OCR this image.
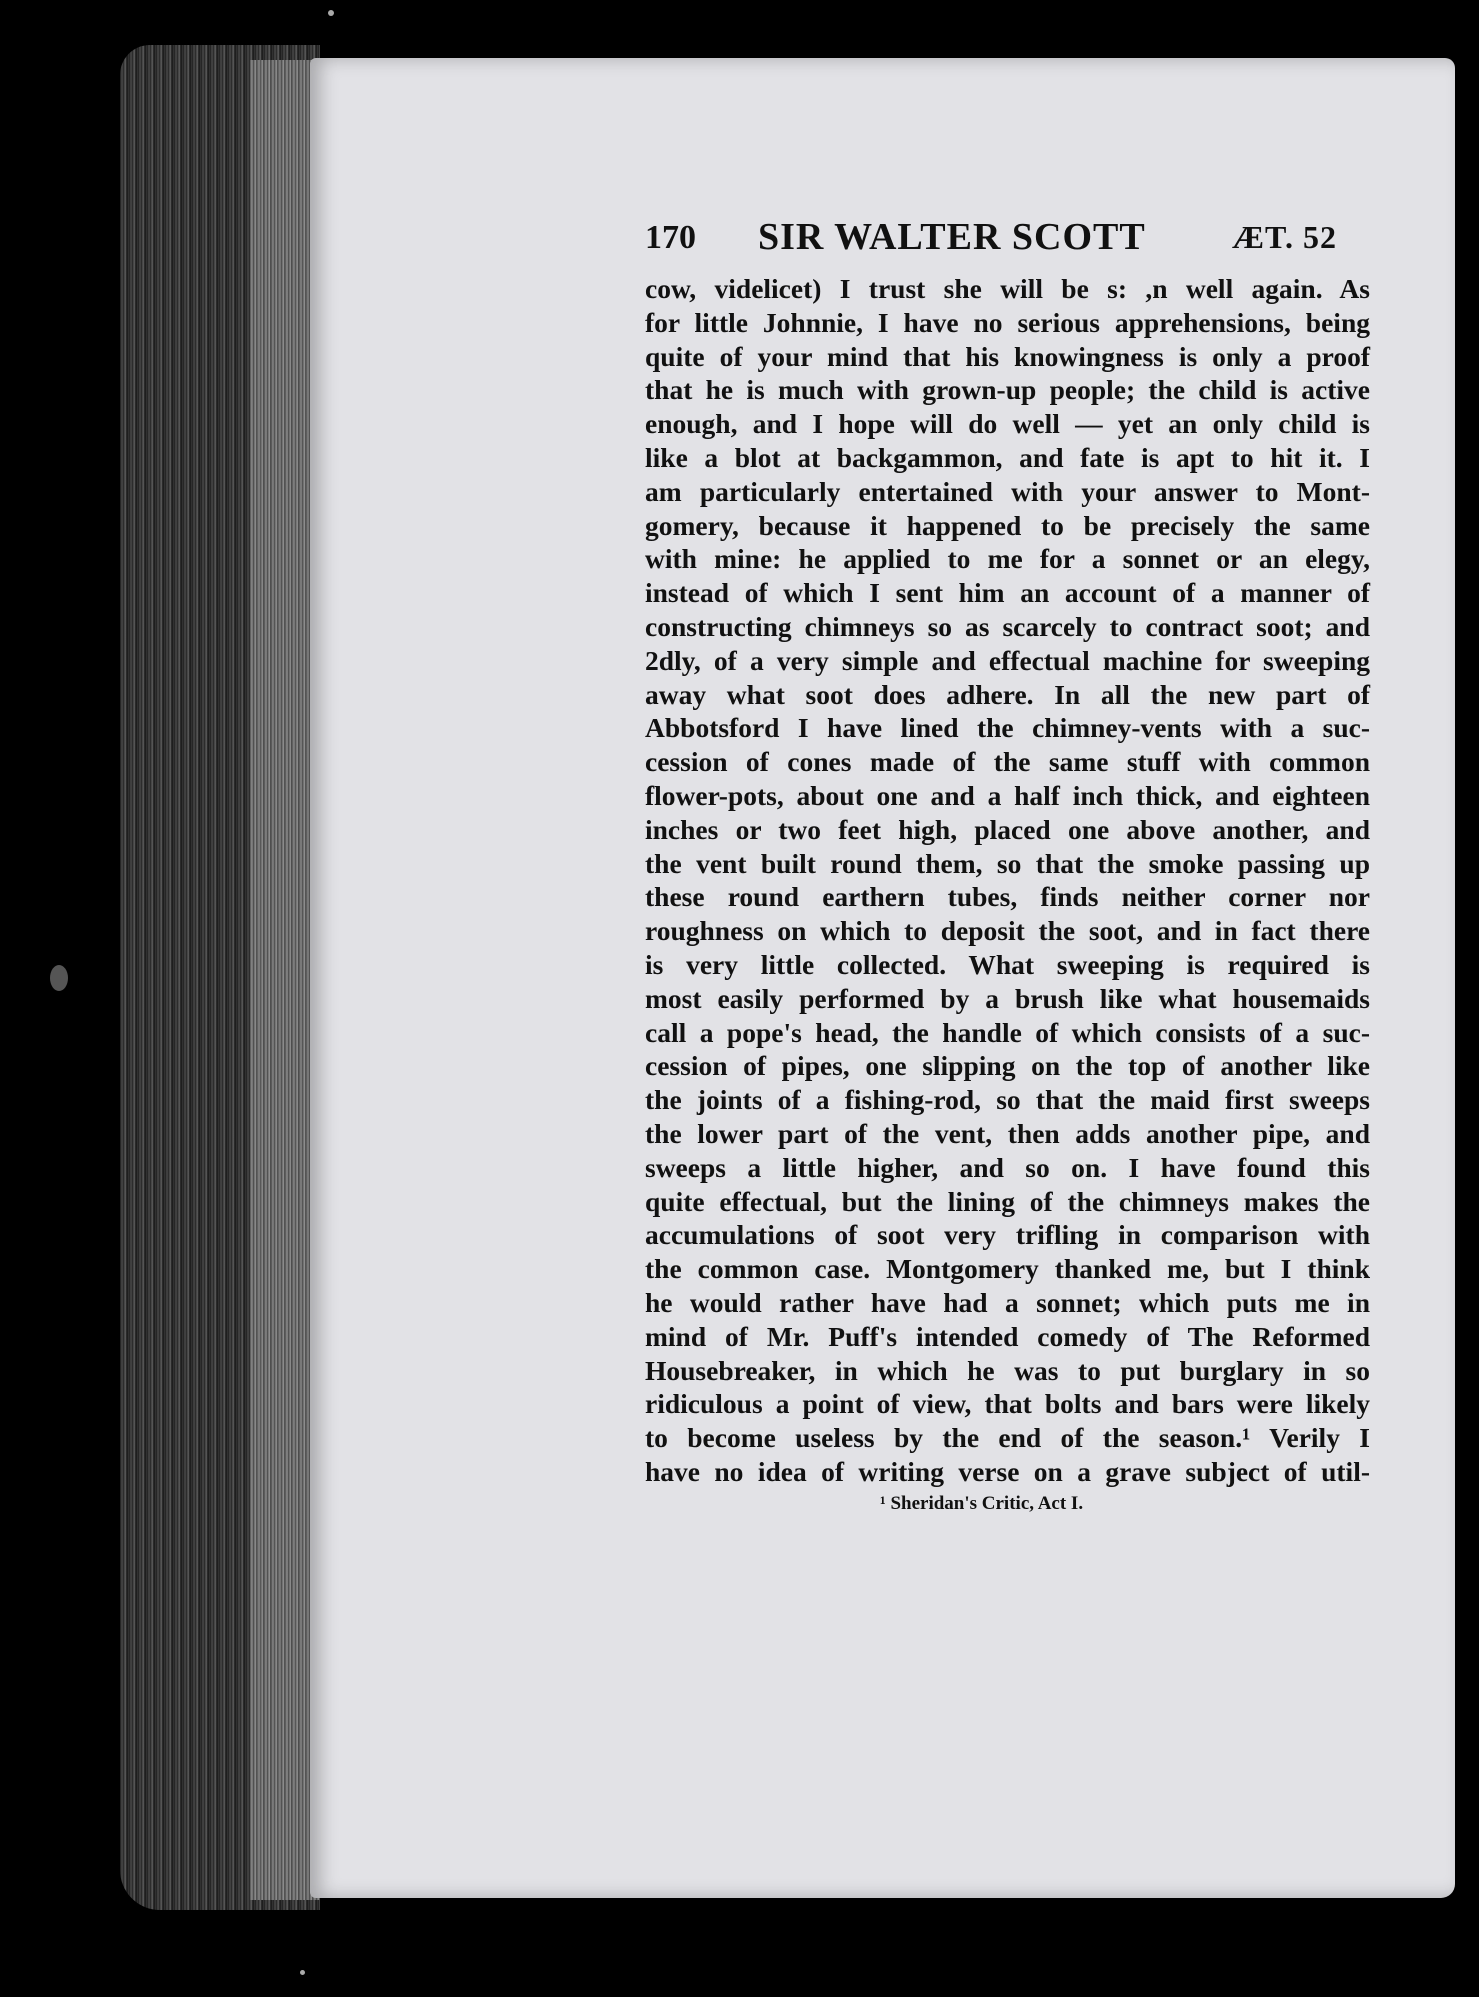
170 SIR WALTER SCOTT	ÆT. 52
cow, videlicet) I trust she will be s: ,n well again. As
for little Johnnie, I have no serious apprehensions, being
quite of your mind that his knowingness is only a proof
that he is much with grown-up people; the child is active
enough, and I hope will do well — yet an only child is
like a blot at backgammon, and fate is apt to hit it. I
am particularly entertained with your answer to Mont-
gomery, because it happened to be precisely the same
with mine: he applied to me for a sonnet or an elegy,
instead of which I sent him an account of a manner of
constructing chimneys so as scarcely to contract soot; and
2dly, of a very simple and effectual machine for sweeping
away what soot does adhere. In all the new part of
Abbotsford I have lined the chimney-vents with a suc-
cession of cones made of the same stuff with common
flower-pots, about one and a half inch thick, and eighteen
inches or two feet high, placed one above another, and
the vent built round them, so that the smoke passing up
these round earthern tubes, finds neither corner nor
roughness on which to deposit the soot, and in fact there
is very little collected. What sweeping is required is
most easily performed by a brush like what housemaids
call a pope's head, the handle of which consists of a suc-
cession of pipes, one slipping on the top of another like
the joints of a fishing-rod, so that the maid first sweeps
the lower part of the vent, then adds another pipe, and
sweeps a little higher, and so on. I have found this
quite effectual, but the lining of the chimneys makes the
accumulations of soot very trifling in comparison with
the common case. Montgomery thanked me, but I think
he would rather have had a sonnet; which puts me in
mind of Mr. Puff's intended comedy of The Reformed
Housebreaker, in which he was to put burglary in so
ridiculous a point of view, that bolts and bars were likely
to become useless by the end of the season.¹ Verily I
have no idea of writing verse on a grave subject of util-
¹ Sheridan's Critic, Act I.
